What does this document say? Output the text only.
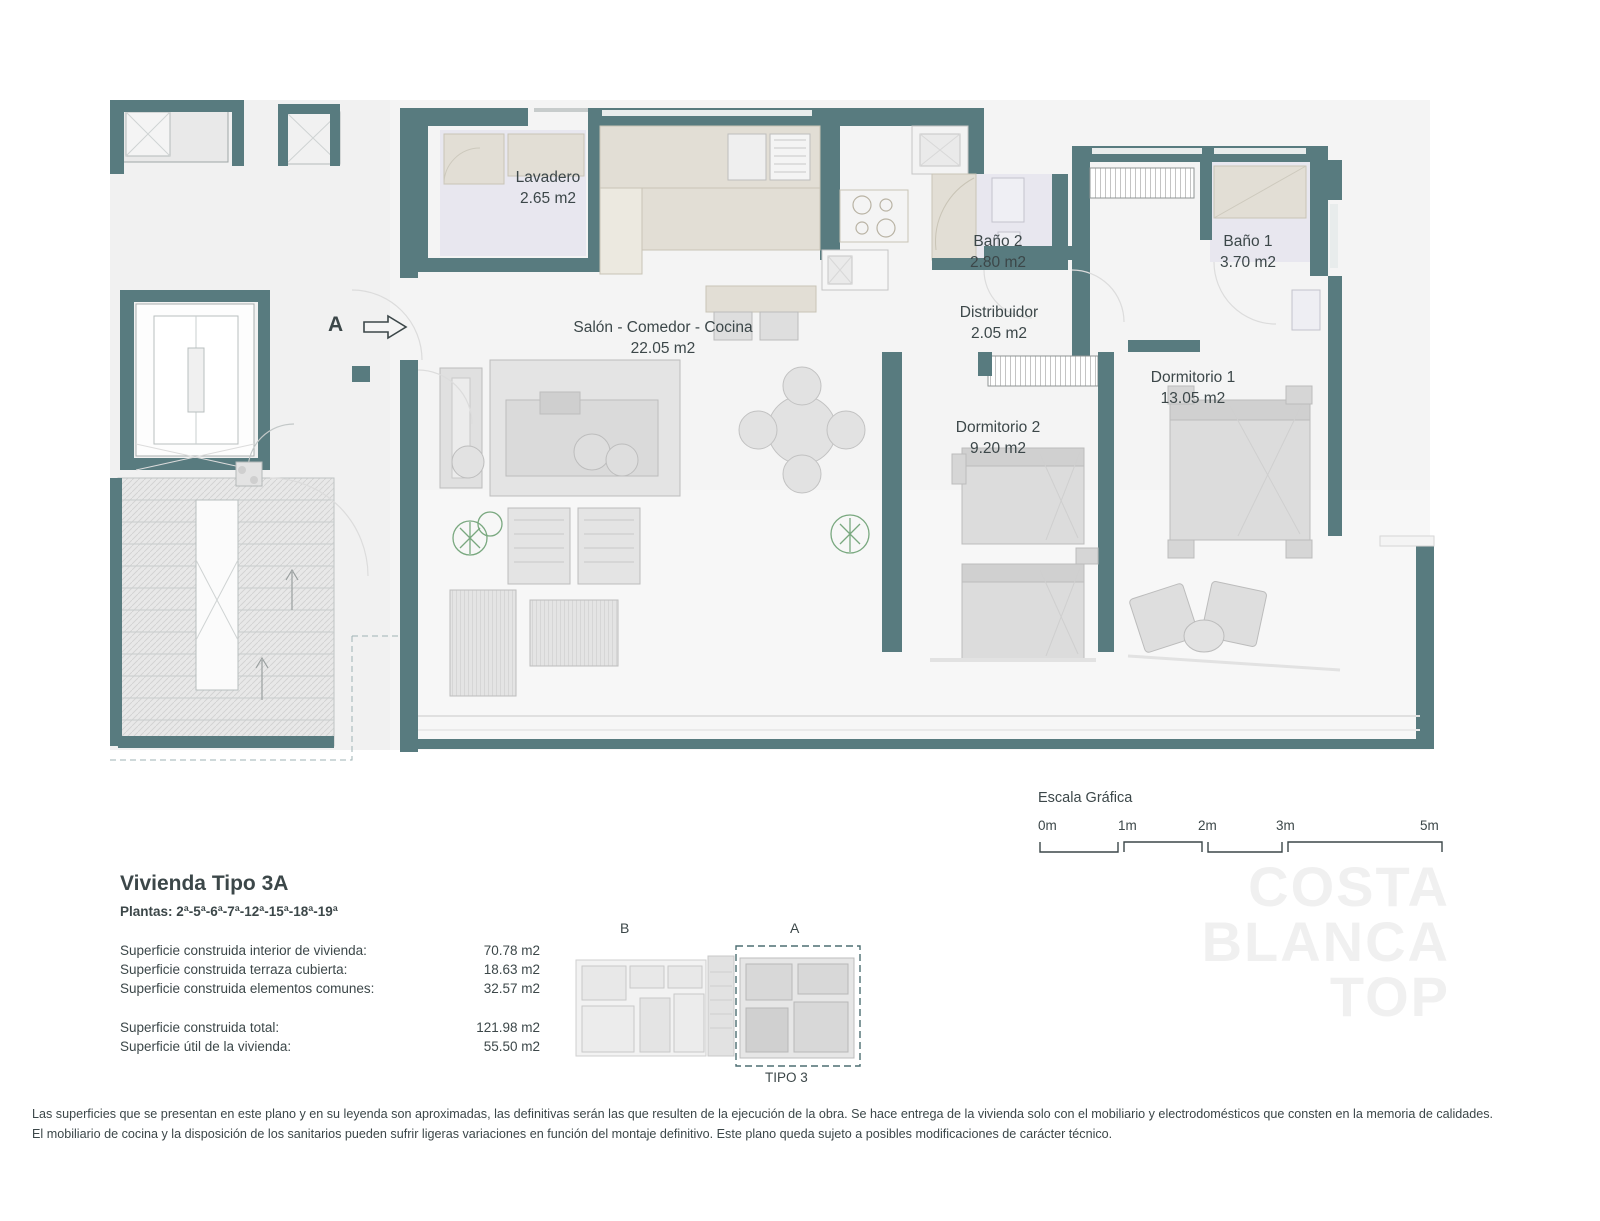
COSTA
BLANCA
TOP
A
Lavadero
2.65 m2
Baño 2
2.80 m2
Baño 1
3.70 m2
Distribuidor
2.05 m2
Salón - Comedor - Cocina
22.05 m2
Dormitorio 1
13.05 m2
Dormitorio 2
9.20 m2
Escala Gráfica
0m	1m	2m	3m	5m
Vivienda Tipo 3A
Plantas: 2ª-5ª-6ª-7ª-12ª-15ª-18ª-19ª
Superficie construida interior de vivienda:	70.78 m2
Superficie construida terraza cubierta:	18.63 m2
Superficie construida elementos comunes:	32.57 m2

Superficie construida total:	121.98 m2
Superficie útil de la vivienda:	55.50 m2
B	A
TIPO 3
Las superficies que se presentan en este plano y en su leyenda son aproximadas, las definitivas serán las que resulten de la ejecución de la obra. Se hace entrega de la vivienda solo con el mobiliario y electrodomésticos que consten en la memoria de calidades.
El mobiliario de cocina y la disposición de los sanitarios pueden sufrir ligeras variaciones en función del montaje definitivo. Este plano queda sujeto a posibles modificaciones de carácter técnico.
